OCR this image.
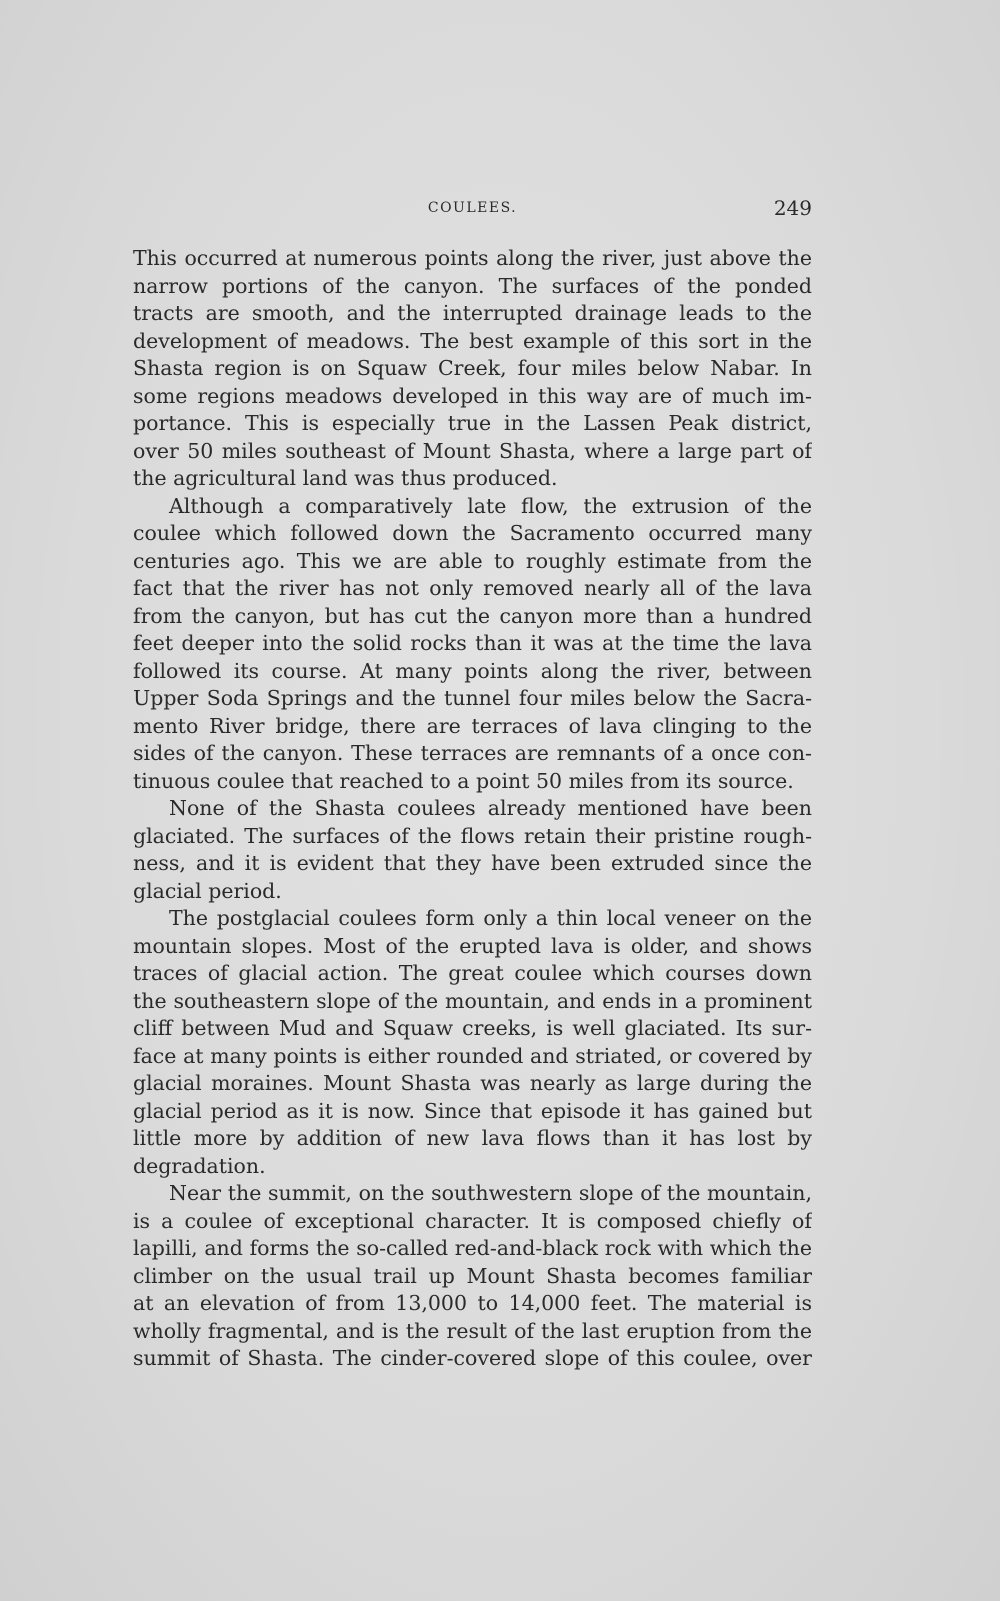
COULEES.	249
This occurred at numerous points along the river, just above the
narrow portions of the canyon. The surfaces of the ponded
tracts are smooth, and the interrupted drainage leads to the
development of meadows. The best example of this sort in the
Shasta region is on Squaw Creek, four miles below Nabar. In
some regions meadows developed in this way are of much im-
portance. This is especially true in the Lassen Peak district,
over 50 miles southeast of Mount Shasta, where a large part of
the agricultural land was thus produced.
Although a comparatively late flow, the extrusion of the
coulee which followed down the Sacramento occurred many
centuries ago. This we are able to roughly estimate from the
fact that the river has not only removed nearly all of the lava
from the canyon, but has cut the canyon more than a hundred
feet deeper into the solid rocks than it was at the time the lava
followed its course. At many points along the river, between
Upper Soda Springs and the tunnel four miles below the Sacra-
mento River bridge, there are terraces of lava clinging to the
sides of the canyon. These terraces are remnants of a once con-
tinuous coulee that reached to a point 50 miles from its source.
None of the Shasta coulees already mentioned have been
glaciated. The surfaces of the flows retain their pristine rough-
ness, and it is evident that they have been extruded since the
glacial period.
The postglacial coulees form only a thin local veneer on the
mountain slopes. Most of the erupted lava is older, and shows
traces of glacial action. The great coulee which courses down
the southeastern slope of the mountain, and ends in a prominent
cliff between Mud and Squaw creeks, is well glaciated. Its sur-
face at many points is either rounded and striated, or covered by
glacial moraines. Mount Shasta was nearly as large during the
glacial period as it is now. Since that episode it has gained but
little more by addition of new lava flows than it has lost by
degradation.
Near the summit, on the southwestern slope of the mountain,
is a coulee of exceptional character. It is composed chiefly of
lapilli, and forms the so-called red-and-black rock with which the
climber on the usual trail up Mount Shasta becomes familiar
at an elevation of from 13,000 to 14,000 feet. The material is
wholly fragmental, and is the result of the last eruption from the
summit of Shasta. The cinder-covered slope of this coulee, over
